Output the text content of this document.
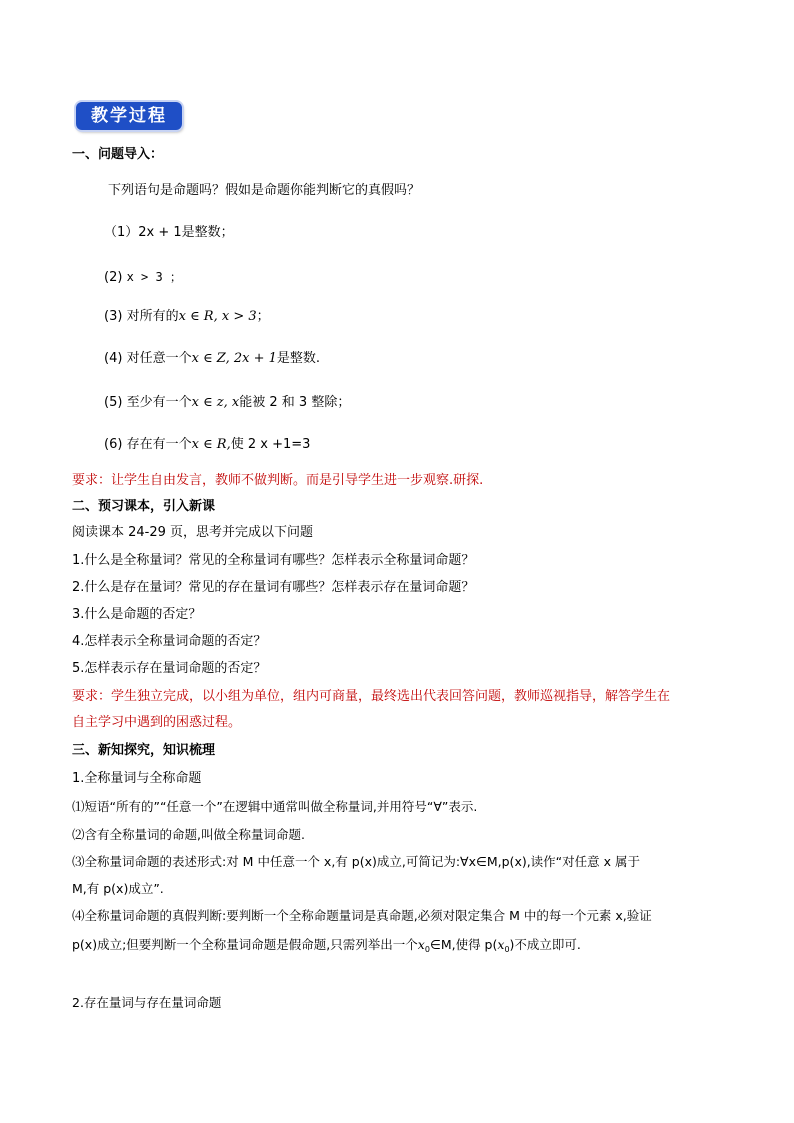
教学过程
一、问题导入：
下列语句是命题吗？假如是命题你能判断它的真假吗？
（1）2x + 1是整数；
(2) x > 3 ；
(3) 对所有的x ∈ R, x > 3；
(4) 对任意一个x ∈ Z, 2x + 1是整数.
(5) 至少有一个x ∈ z, x能被 2 和 3 整除；
(6) 存在有一个x ∈ R,使 2 x +1=3
要求：让学生自由发言，教师不做判断。而是引导学生进一步观察.研探.
二、预习课本，引入新课
阅读课本 24-29 页，思考并完成以下问题
1.什么是全称量词？常见的全称量词有哪些？怎样表示全称量词命题？
2.什么是存在量词？常见的存在量词有哪些？怎样表示存在量词命题？
3.什么是命题的否定？
4.怎样表示全称量词命题的否定？
5.怎样表示存在量词命题的否定？
要求：学生独立完成，以小组为单位，组内可商量，最终选出代表回答问题，教师巡视指导，解答学生在
自主学习中遇到的困惑过程。
三、新知探究，知识梳理
1.全称量词与全称命题
⑴短语“所有的”“任意一个”在逻辑中通常叫做全称量词,并用符号“∀”表示.
⑵含有全称量词的命题,叫做全称量词命题.
⑶全称量词命题的表述形式:对 M 中任意一个 x,有 p(x)成立,可简记为:∀x∈M,p(x),读作“对任意 x 属于
M,有 p(x)成立”.
⑷全称量词命题的真假判断:要判断一个全称命题量词是真命题,必须对限定集合 M 中的每一个元素 x,验证
p(x)成立;但要判断一个全称量词命题是假命题,只需列举出一个$x_0\in M$,使得 $p(x_0)$不成立即可.
2.存在量词与存在量词命题
